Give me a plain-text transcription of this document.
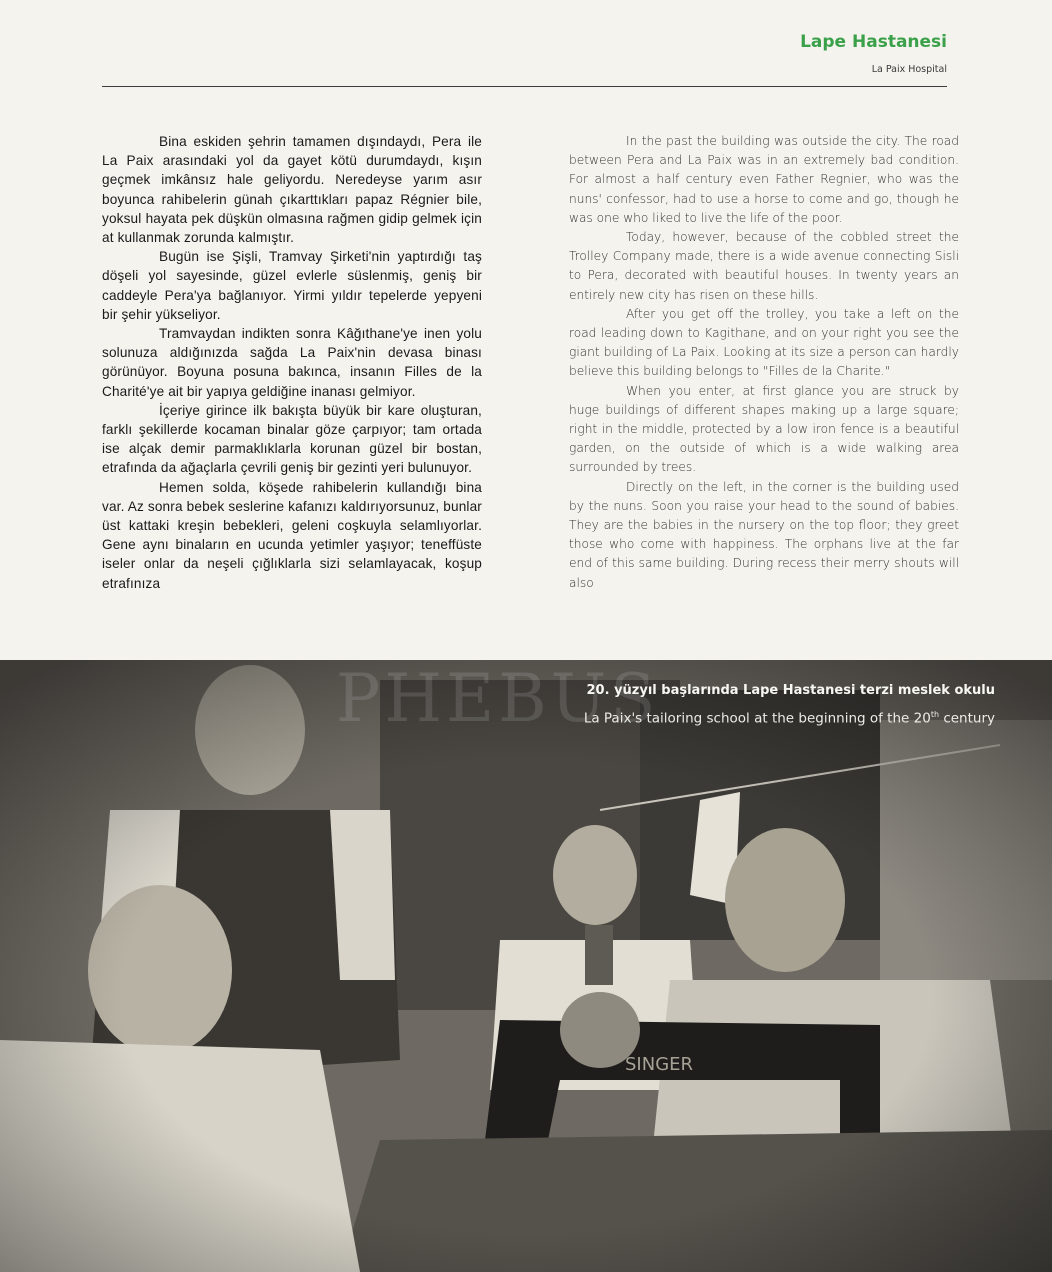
Lape Hastanesi
La Paix Hospital

Bina eskiden şehrin tamamen dışındaydı, Pera ile La Paix arasındaki yol da gayet kötü durumdaydı, kışın geçmek imkânsız hale geliyordu. Neredeyse yarım asır boyunca rahibelerin günah çıkarttıkları papaz Régnier bile, yoksul hayata pek düşkün olmasına rağmen gidip gelmek için at kullanmak zorunda kalmıştır.

Bugün ise Şişli, Tramvay Şirketi'nin yaptırdığı taş döşeli yol sayesinde, güzel evlerle süslenmiş, geniş bir caddeyle Pera'ya bağlanıyor. Yirmi yıldır tepelerde yepyeni bir şehir yükseliyor.

Tramvaydan indikten sonra Kâğıthane'ye inen yolu solunuza aldığınızda sağda La Paix'nin devasa binası görünüyor. Boyuna posuna bakınca, insanın Filles de la Charité'ye ait bir yapıya geldiğine inanası gelmiyor.

İçeriye girince ilk bakışta büyük bir kare oluşturan, farklı şekillerde kocaman binalar göze çarpıyor; tam ortada ise alçak demir parmaklıklarla korunan güzel bir bostan, etrafında da ağaçlarla çevrili geniş bir gezinti yeri bulunuyor.

Hemen solda, köşede rahibelerin kullandığı bina var. Az sonra bebek seslerine kafanızı kaldırıyorsunuz, bunlar üst kattaki kreşin bebekleri, geleni coşkuyla selamlıyorlar. Gene aynı binaların en ucunda yetimler yaşıyor; teneffüste iseler onlar da neşeli çığlıklarla sizi selamlayacak, koşup etrafınıza

In the past the building was outside the city. The road between Pera and La Paix was in an extremely bad condition. For almost a half century even Father Regnier, who was the nuns' confessor, had to use a horse to come and go, though he was one who liked to live the life of the poor.

Today, however, because of the cobbled street the Trolley Company made, there is a wide avenue connecting Sisli to Pera, decorated with beautiful houses. In twenty years an entirely new city has risen on these hills.

After you get off the trolley, you take a left on the road leading down to Kagithane, and on your right you see the giant building of La Paix. Looking at its size a person can hardly believe this building belongs to "Filles de la Charite."

When you enter, at first glance you are struck by huge buildings of different shapes making up a large square; right in the middle, protected by a low iron fence is a beautiful garden, on the outside of which is a wide walking area surrounded by trees.

Directly on the left, in the corner is the building used by the nuns. Soon you raise your head to the sound of babies. They are the babies in the nursery on the top floor; they greet those who come with happiness. The orphans live at the far end of this same building. During recess their merry shouts will also

PHEBUS
20. yüzyıl başlarında Lape Hastanesi terzi meslek okulu
La Paix's tailoring school at the beginning of the 20th century
